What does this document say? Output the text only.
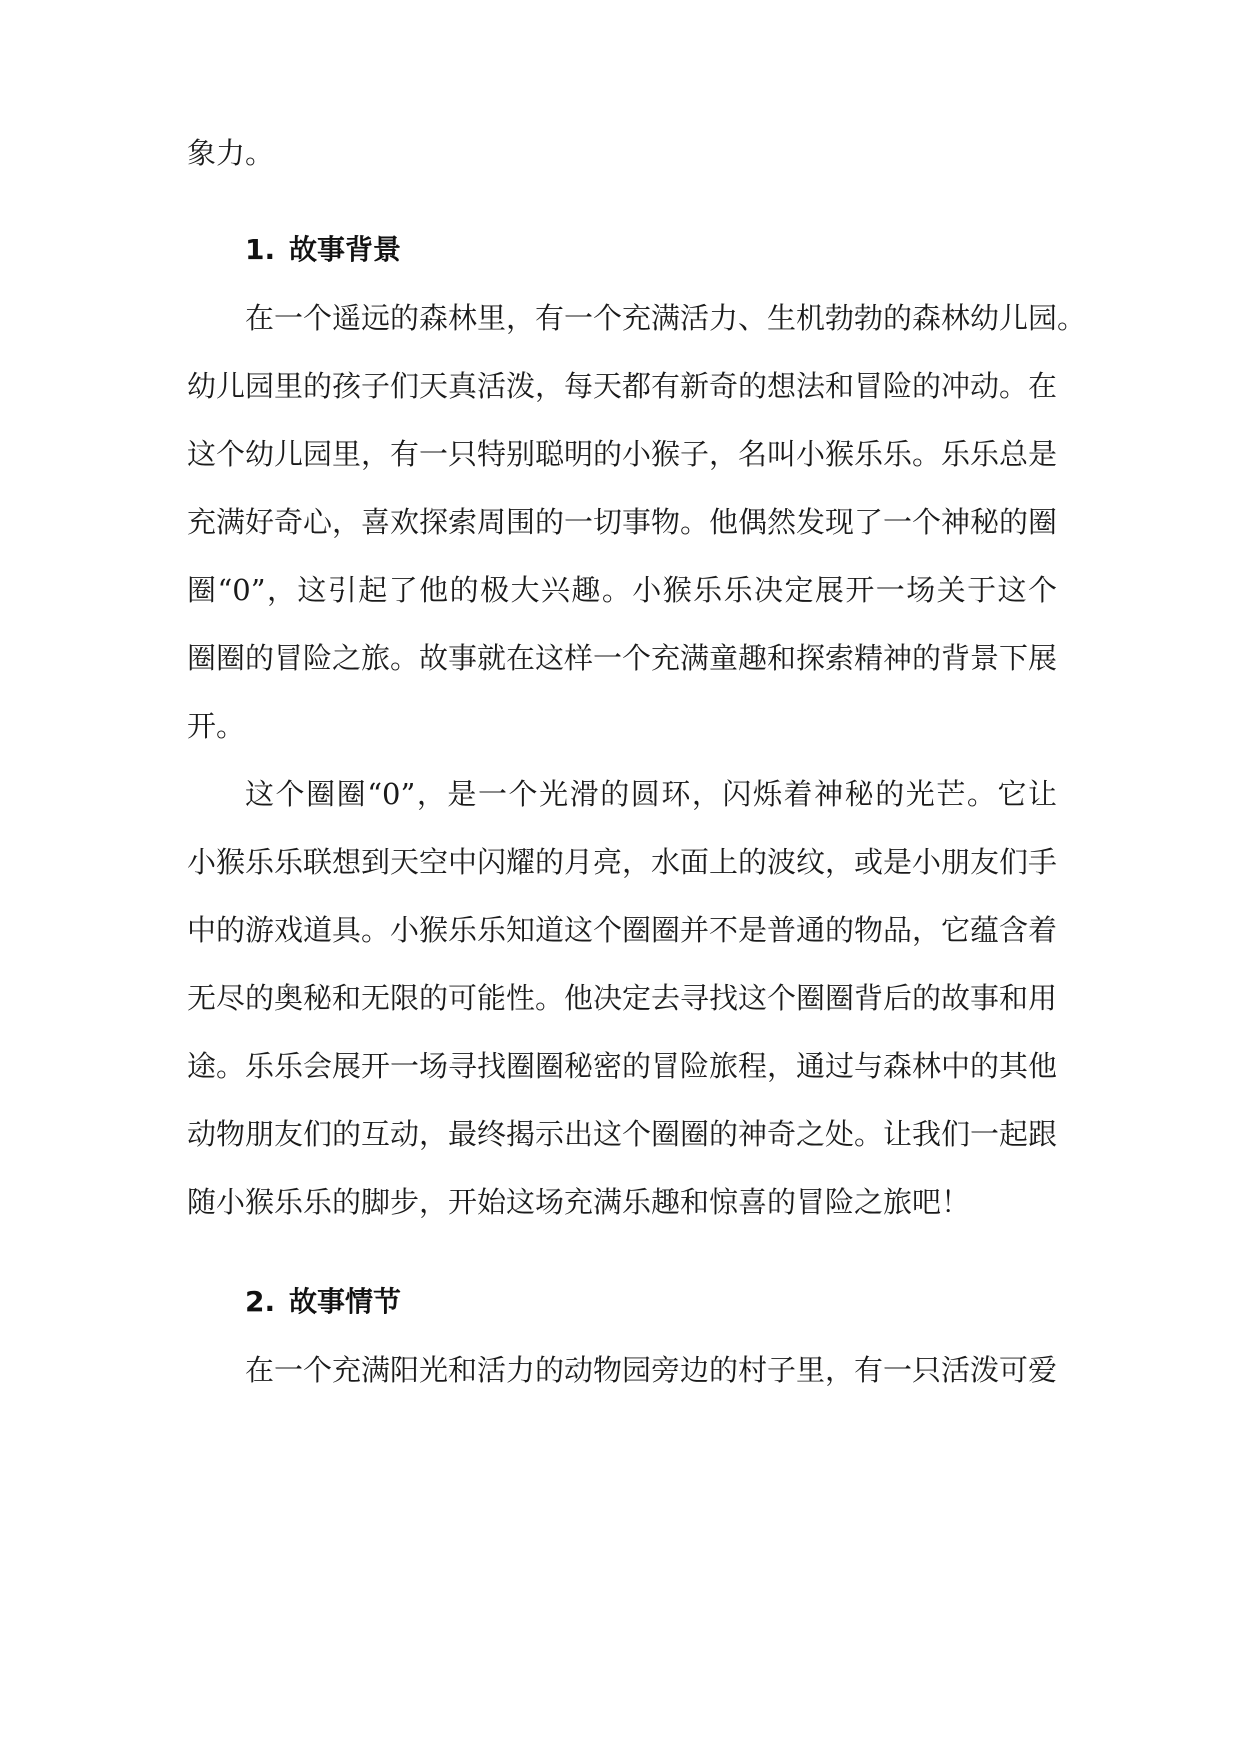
象力。

1. 故事背景

在一个遥远的森林里，有一个充满活力、生机勃勃的森林幼儿园。

幼儿园里的孩子们天真活泼，每天都有新奇的想法和冒险的冲动。在

这个幼儿园里，有一只特别聪明的小猴子，名叫小猴乐乐。乐乐总是

充满好奇心，喜欢探索周围的一切事物。他偶然发现了一个神秘的圈

圈“0”，这引起了他的极大兴趣。小猴乐乐决定展开一场关于这个

圈圈的冒险之旅。故事就在这样一个充满童趣和探索精神的背景下展

开。

这个圈圈“0”，是一个光滑的圆环，闪烁着神秘的光芒。它让

小猴乐乐联想到天空中闪耀的月亮，水面上的波纹，或是小朋友们手

中的游戏道具。小猴乐乐知道这个圈圈并不是普通的物品，它蕴含着

无尽的奥秘和无限的可能性。他决定去寻找这个圈圈背后的故事和用

途。乐乐会展开一场寻找圈圈秘密的冒险旅程，通过与森林中的其他

动物朋友们的互动，最终揭示出这个圈圈的神奇之处。让我们一起跟

随小猴乐乐的脚步，开始这场充满乐趣和惊喜的冒险之旅吧！

2. 故事情节

在一个充满阳光和活力的动物园旁边的村子里，有一只活泼可爱
